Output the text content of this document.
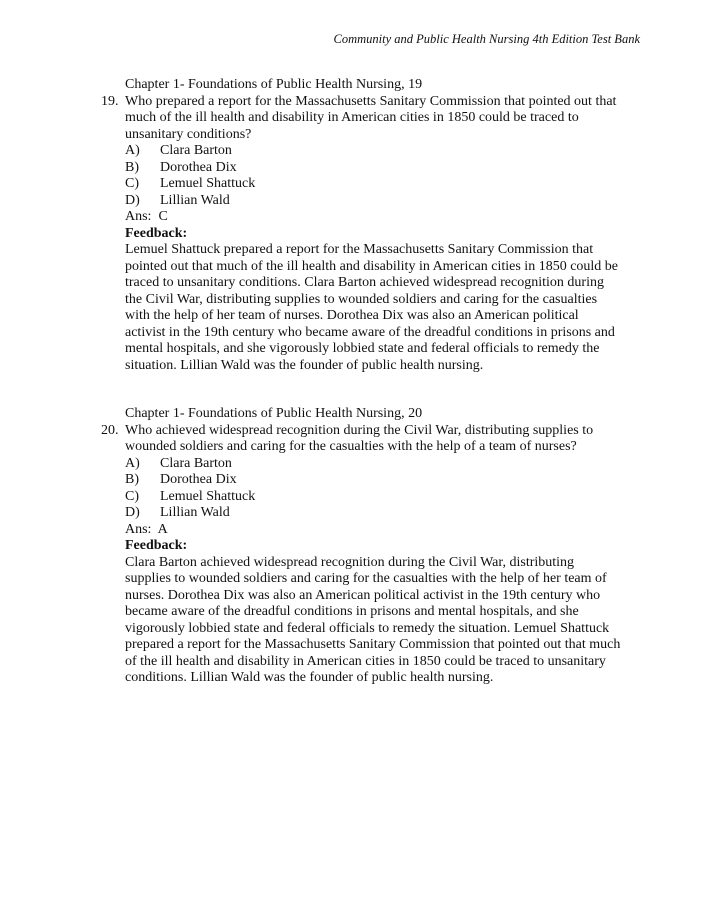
Community and Public Health Nursing 4th Edition Test Bank
Chapter 1- Foundations of Public Health Nursing, 19
19. Who prepared a report for the Massachusetts Sanitary Commission that pointed out that
much of the ill health and disability in American cities in 1850 could be traced to
unsanitary conditions?
A)	Clara Barton
B)	Dorothea Dix
C)	Lemuel Shattuck
D)	Lillian Wald
Ans:  C
Feedback:
Lemuel Shattuck prepared a report for the Massachusetts Sanitary Commission that
pointed out that much of the ill health and disability in American cities in 1850 could be
traced to unsanitary conditions. Clara Barton achieved widespread recognition during
the Civil War, distributing supplies to wounded soldiers and caring for the casualties
with the help of her team of nurses. Dorothea Dix was also an American political
activist in the 19th century who became aware of the dreadful conditions in prisons and
mental hospitals, and she vigorously lobbied state and federal officials to remedy the
situation. Lillian Wald was the founder of public health nursing.
Chapter 1- Foundations of Public Health Nursing, 20
20. Who achieved widespread recognition during the Civil War, distributing supplies to
wounded soldiers and caring for the casualties with the help of a team of nurses?
A)	Clara Barton
B)	Dorothea Dix
C)	Lemuel Shattuck
D)	Lillian Wald
Ans:  A
Feedback:
Clara Barton achieved widespread recognition during the Civil War, distributing
supplies to wounded soldiers and caring for the casualties with the help of her team of
nurses. Dorothea Dix was also an American political activist in the 19th century who
became aware of the dreadful conditions in prisons and mental hospitals, and she
vigorously lobbied state and federal officials to remedy the situation. Lemuel Shattuck
prepared a report for the Massachusetts Sanitary Commission that pointed out that much
of the ill health and disability in American cities in 1850 could be traced to unsanitary
conditions. Lillian Wald was the founder of public health nursing.
